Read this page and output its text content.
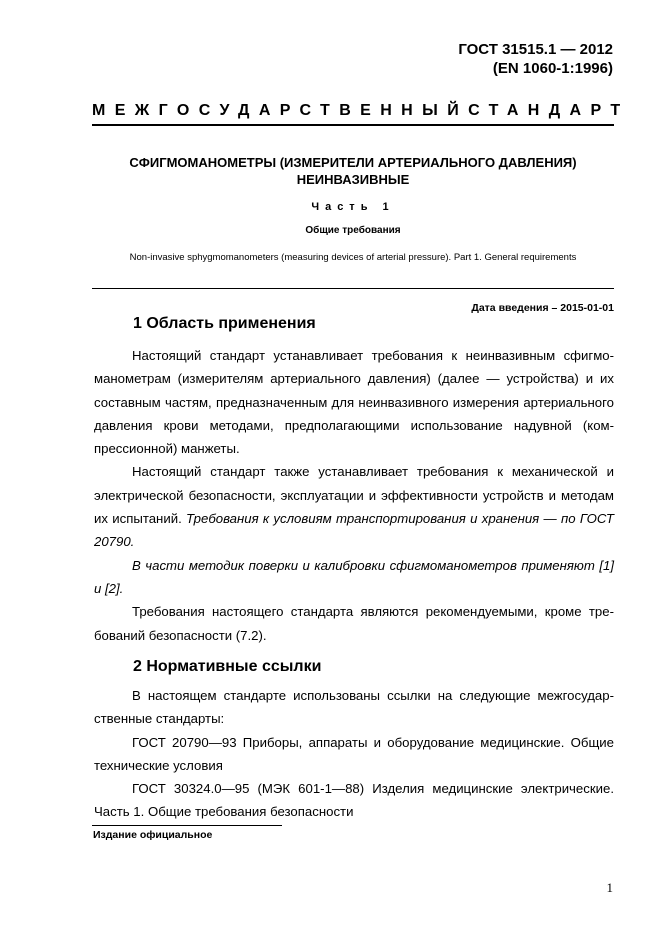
ГОСТ 31515.1 — 2012
(EN 1060-1:1996)
МЕЖГОСУДАРСТВЕННЫЙ СТАНДАРТ
СФИГМОМАНОМЕТРЫ (ИЗМЕРИТЕЛИ АРТЕРИАЛЬНОГО ДАВЛЕНИЯ)
НЕИНВАЗИВНЫЕ
Часть 1
Общие требования
Non-invasive sphygmomanometers (measuring devices of arterial pressure). Part 1. General requirements
Дата введения – 2015-01-01
1 Область применения

Настоящий стандарт устанавливает требования к неинвазивным сфигмоманометрам (измерителям артериального давления) (далее — устройства) и их составным частям, предназначенным для неинвазивного измерения артериального давления крови методами, предполагающими использование надувной (компрессионной) манжеты.

Настоящий стандарт также устанавливает требования к механической и электрической безопасности, эксплуатации и эффективности устройств и методам их испытаний. Требования к условиям транспортирования и хранения — по ГОСТ 20790.

В части методик поверки и калибровки сфигмоманометров применяют [1] и [2].

Требования настоящего стандарта являются рекомендуемыми, кроме требований безопасности (7.2).

2 Нормативные ссылки

В настоящем стандарте использованы ссылки на следующие межгосударственные стандарты:

ГОСТ 20790—93 Приборы, аппараты и оборудование медицинские. Общие технические условия

ГОСТ 30324.0—95 (МЭК 601-1—88) Изделия медицинские электрические. Часть 1. Общие требования безопасности

Издание официальное
1
